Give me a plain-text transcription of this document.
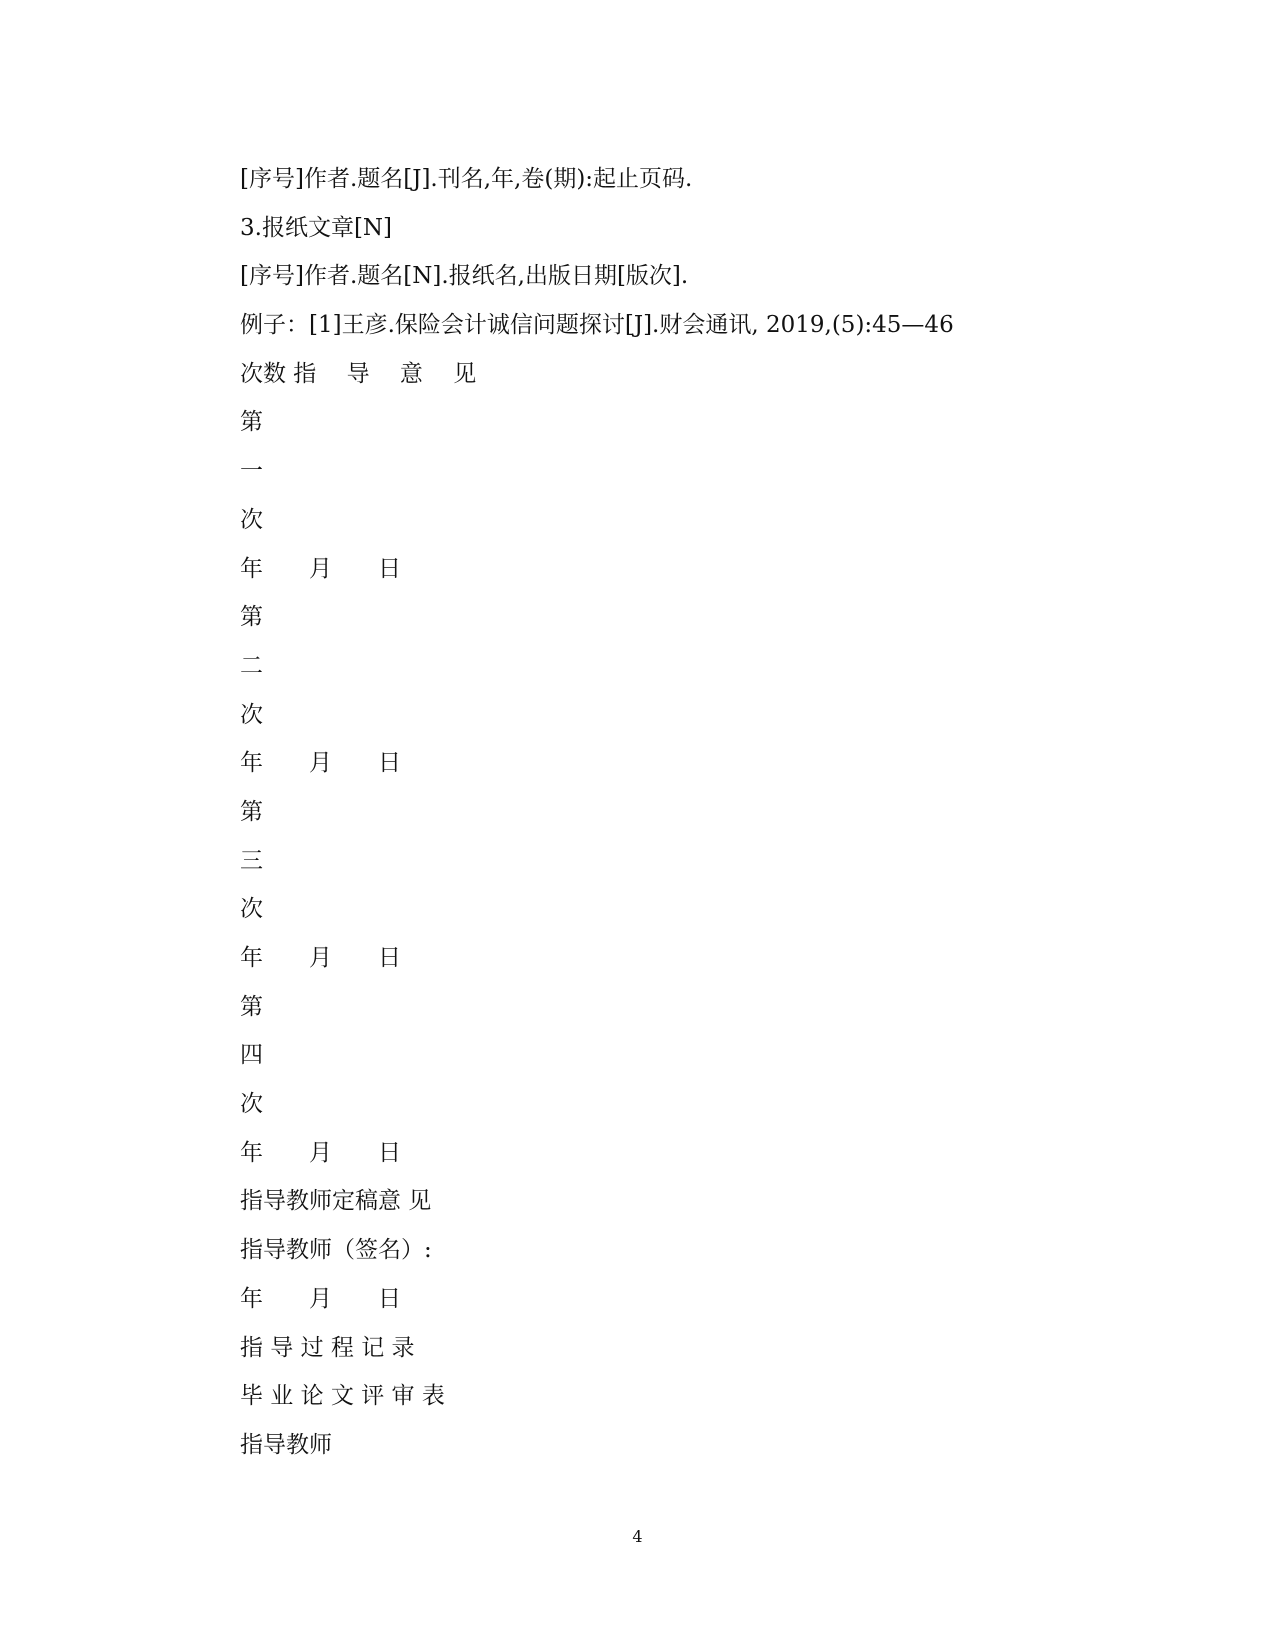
[序号]作者.题名[J].刊名,年,卷(期):起止页码.
3.报纸文章[N]
[序号]作者.题名[N].报纸名,出版日期[版次].
例子：[1]王彦.保险会计诚信问题探讨[J].财会通讯, 2019,(5):45—46
次数 指　 导　 意　 见
第
一
次
年　　月　　日
第
二
次
年　　月　　日
第
三
次
年　　月　　日
第
四
次
年　　月　　日
指导教师定稿意 见
指导教师（签名）:
年　　月　　日
指 导 过 程 记 录
毕 业 论 文 评 审 表
指导教师
4
